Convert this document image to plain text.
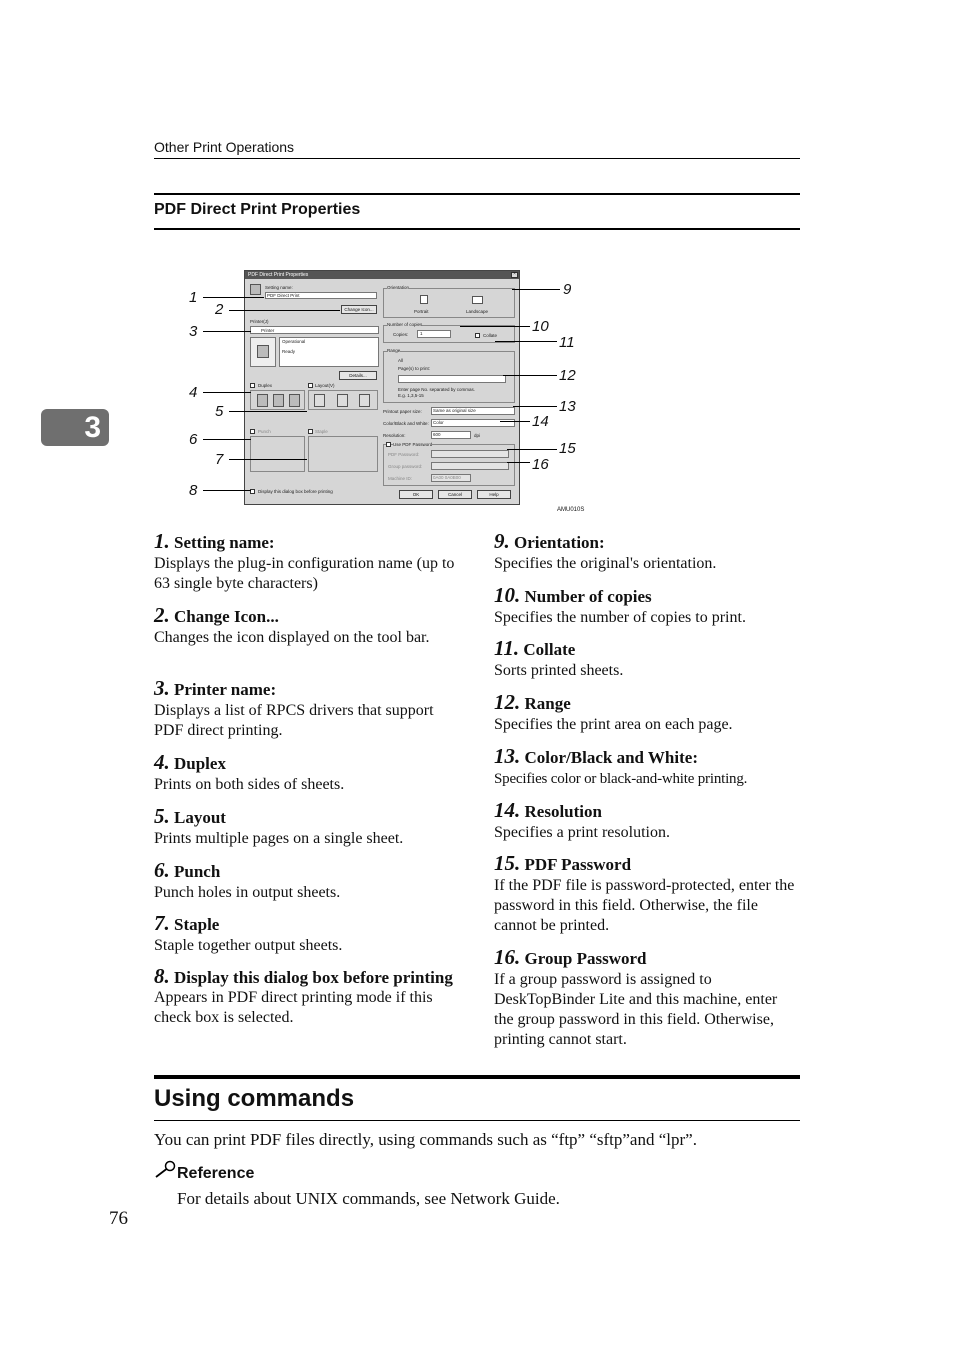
Other Print Operations
PDF Direct Print Properties
3
PDF Direct Print Properties	×
Setting name:
PDF Direct Print
Change Icon...
Printer(J)
Printer
Operational
Ready
Details...
Duplex	Layout(V)
Punch	Staple
Display this dialog box before printing
Orientation
Portrait	Landscape
Number of copies
Copies:	1	Collate
Range
All
Page(s) to print:
Enter page No. separated by commas.
E.g. 1,3,5-15
Printout paper size: Same as original size
Color/Black and White: Color
Resolution:	600	dpi
Use PDF Password
PDF Password:
Group password:
Machine ID:	0A00 0A0B00
OK	Cancel	Help
1
2
3
4
5
6
7
8
9
10
11
12
13
14
15
16
AMU010S
1. Setting name:
Displays the plug-in configuration name (up to 63 single byte characters)
2. Change Icon...
Changes the icon displayed on the tool bar.
3. Printer name:
Displays a list of RPCS drivers that support PDF direct printing.
4. Duplex
Prints on both sides of sheets.
5. Layout
Prints multiple pages on a single sheet.
6. Punch
Punch holes in output sheets.
7. Staple
Staple together output sheets.
8. Display this dialog box before printing
Appears in PDF direct printing mode if this check box is selected.
9. Orientation:
Specifies the original's orientation.
10. Number of copies
Specifies the number of copies to print.
11. Collate
Sorts printed sheets.
12. Range
Specifies the print area on each page.
13. Color/Black and White:
Specifies color or black-and-white printing.
14. Resolution
Specifies a print resolution.
15. PDF Password
If the PDF file is password-protected, enter the password in this field. Otherwise, the file cannot be printed.
16. Group Password
If a group password is assigned to DeskTopBinder Lite and this machine, enter the group password in this field. Otherwise, printing cannot start.
Using commands
You can print PDF files directly, using commands such as “ftp” “sftp”and “lpr”.
Reference
For details about UNIX commands, see Network Guide.
76
